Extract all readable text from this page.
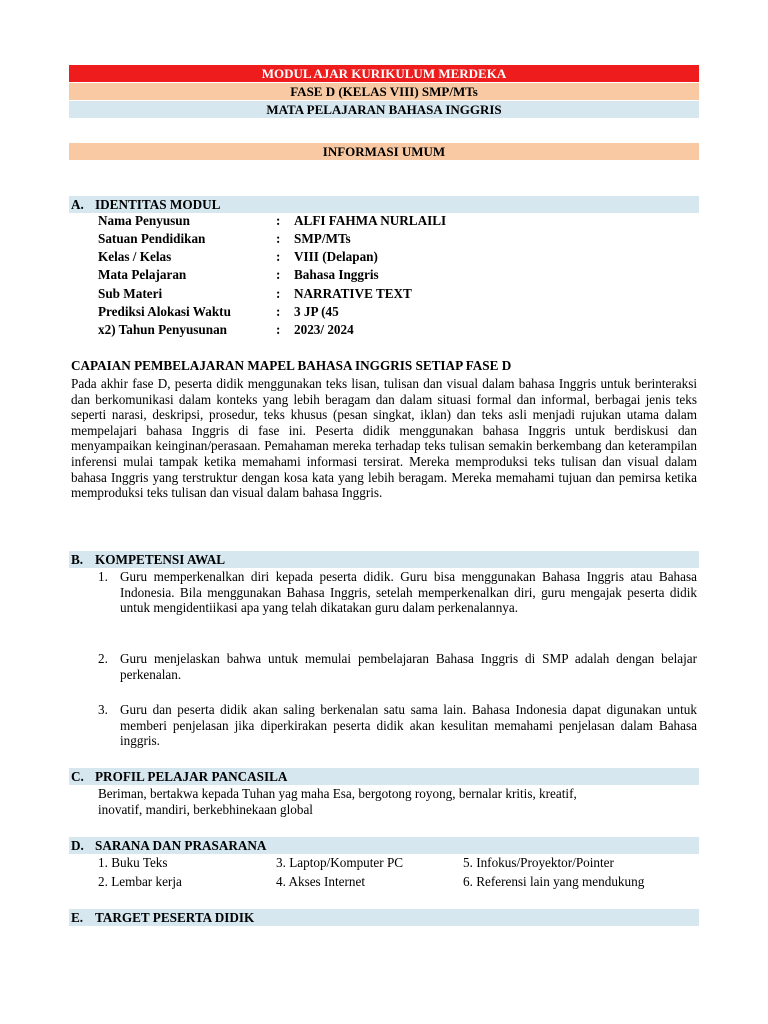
MODUL AJAR KURIKULUM MERDEKA
FASE D (KELAS VIII) SMP/MTs
MATA PELAJARAN BAHASA INGGRIS
INFORMASI UMUM
A. IDENTITAS MODUL
Nama Penyusun	: ALFI FAHMA NURLAILI
Satuan Pendidikan	: SMP/MTs
Kelas / Kelas	: VIII (Delapan)
Mata Pelajaran	: Bahasa Inggris
Sub Materi	: NARRATIVE TEXT
Prediksi Alokasi Waktu	: 3 JP (45
x2) Tahun Penyusunan	: 2023/ 2024
CAPAIAN PEMBELAJARAN MAPEL BAHASA INGGRIS SETIAP FASE D
Pada akhir fase D, peserta didik menggunakan teks lisan, tulisan dan visual dalam bahasa Inggris untuk berinteraksi dan berkomunikasi dalam konteks yang lebih beragam dan dalam situasi formal dan informal, berbagai jenis teks seperti narasi, deskripsi, prosedur, teks khusus (pesan singkat, iklan) dan teks asli menjadi rujukan utama dalam mempelajari bahasa Inggris di fase ini. Peserta didik menggunakan bahasa Inggris untuk berdiskusi dan menyampaikan keinginan/perasaan. Pemahaman mereka terhadap teks tulisan semakin berkembang dan keterampilan inferensi mulai tampak ketika memahami informasi tersirat. Mereka memproduksi teks tulisan dan visual dalam bahasa Inggris yang terstruktur dengan kosa kata yang lebih beragam. Mereka memahami tujuan dan pemirsa ketika memproduksi teks tulisan dan visual dalam bahasa Inggris.
B. KOMPETENSI AWAL
1. Guru memperkenalkan diri kepada peserta didik. Guru bisa menggunakan Bahasa Inggris atau Bahasa Indonesia. Bila menggunakan Bahasa Inggris, setelah memperkenalkan diri, guru mengajak peserta didik untuk mengidentiikasi apa yang telah dikatakan guru dalam perkenalannya.
2. Guru menjelaskan bahwa untuk memulai pembelajaran Bahasa Inggris di SMP adalah dengan belajar perkenalan.
3. Guru dan peserta didik akan saling berkenalan satu sama lain. Bahasa Indonesia dapat digunakan untuk memberi penjelasan jika diperkirakan peserta didik akan kesulitan memahami penjelasan dalam Bahasa inggris.
C. PROFIL PELAJAR PANCASILA
Beriman, bertakwa kepada Tuhan yag maha Esa, bergotong royong, bernalar kritis, kreatif,
inovatif, mandiri, berkebhinekaan global
D. SARANA DAN PRASARANA
1. Buku Teks	3. Laptop/Komputer PC	5. Infokus/Proyektor/Pointer
2. Lembar kerja	4. Akses Internet	6. Referensi lain yang mendukung
E. TARGET PESERTA DIDIK
